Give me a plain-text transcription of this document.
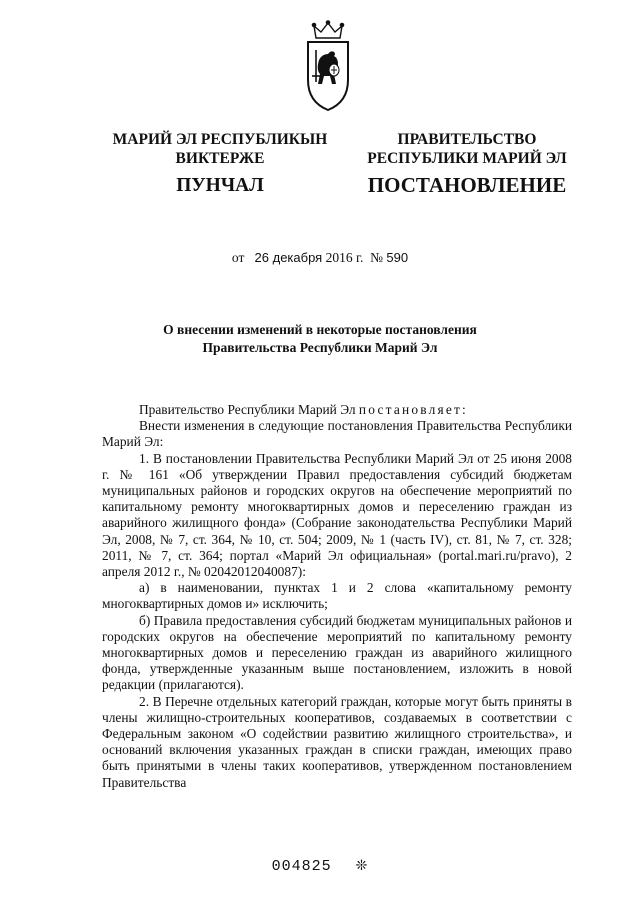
МАРИЙ ЭЛ РЕСПУБЛИКЫН
ВИКТЕРЖЕ
ПУНЧАЛ
ПРАВИТЕЛЬСТВО
РЕСПУБЛИКИ МАРИЙ ЭЛ
ПОСТАНОВЛЕНИЕ
от 26 декабря 2016 г. № 590
О внесении изменений в некоторые постановления
Правительства Республики Марий Эл

Правительство Республики Марий Эл постановляет:

Внести изменения в следующие постановления Правительства Республики Марий Эл:

1. В постановлении Правительства Республики Марий Эл от 25 июня 2008 г. № 161 «Об утверждении Правил предоставления субсидий бюджетам муниципальных районов и городских округов на обеспечение мероприятий по капитальному ремонту многоквартирных домов и переселению граждан из аварийного жилищного фонда» (Собрание законодательства Республики Марий Эл, 2008, № 7, ст. 364, № 10, ст. 504; 2009, № 1 (часть IV), ст. 81, № 7, ст. 328; 2011, № 7, ст. 364; портал «Марий Эл официальная» (portal.mari.ru/pravo), 2 апреля 2012 г., № 02042012040087):

а) в наименовании, пунктах 1 и 2 слова «капитальному ремонту многоквартирных домов и» исключить;

б) Правила предоставления субсидий бюджетам муниципальных районов и городских округов на обеспечение мероприятий по капитальному ремонту многоквартирных домов и переселению граждан из аварийного жилищного фонда, утвержденные указанным выше постановлением, изложить в новой редакции (прилагаются).

2. В Перечне отдельных категорий граждан, которые могут быть приняты в члены жилищно-строительных кооперативов, создаваемых в соответствии с Федеральным законом «О содействии развитию жилищного строительства», и оснований включения указанных граждан в списки граждан, имеющих право быть принятыми в члены таких кооперативов, утвержденном постановлением Правительства

004825 ❊
